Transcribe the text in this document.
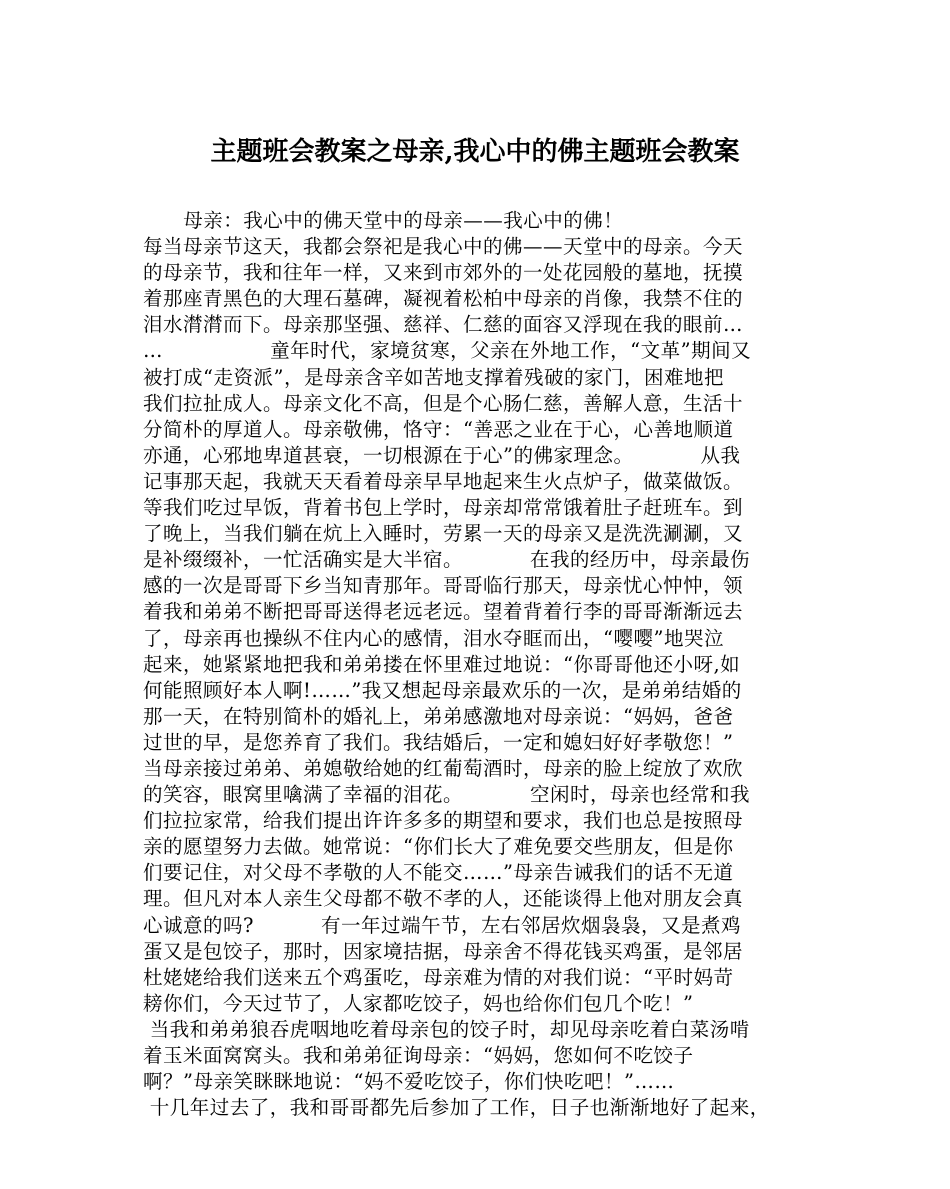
主题班会教案之母亲,我心中的佛主题班会教案
母亲：我心中的佛天堂中的母亲——我心中的佛！
每当母亲节这天，我都会祭祀是我心中的佛——天堂中的母亲。今天
的母亲节，我和往年一样，又来到市郊外的一处花园般的墓地，抚摸
着那座青黑色的大理石墓碑，凝视着松柏中母亲的肖像，我禁不住的
泪水潸潸而下。母亲那坚强、慈祥、仁慈的面容又浮现在我的眼前…
…                童年时代，家境贫寒，父亲在外地工作，“文革”期间又
被打成“走资派”，是母亲含辛如苦地支撑着残破的家门，困难地把
我们拉扯成人。母亲文化不高，但是个心肠仁慈，善解人意，生活十
分简朴的厚道人。母亲敬佛，恪守：“善恶之业在于心，心善地顺道
亦通，心邪地卑道甚衰，一切根源在于心”的佛家理念。          从我
记事那天起，我就天天看着母亲早早地起来生火点炉子，做菜做饭。
等我们吃过早饭，背着书包上学时，母亲却常常饿着肚子赶班车。到
了晚上，当我们躺在炕上入睡时，劳累一天的母亲又是洗洗涮涮，又
是补缀缀补，一忙活确实是大半宿。          在我的经历中，母亲最伤
感的一次是哥哥下乡当知青那年。哥哥临行那天，母亲忧心忡忡，领
着我和弟弟不断把哥哥送得老远老远。望着背着行李的哥哥渐渐远去
了，母亲再也操纵不住内心的感情，泪水夺眶而出，“嘤嘤”地哭泣
起来，她紧紧地把我和弟弟搂在怀里难过地说：“你哥哥他还小呀,如
何能照顾好本人啊!……”我又想起母亲最欢乐的一次，是弟弟结婚的
那一天，在特别简朴的婚礼上，弟弟感激地对母亲说：“妈妈，爸爸
过世的早，是您养育了我们。我结婚后，一定和媳妇好好孝敬您！”
当母亲接过弟弟、弟媳敬给她的红葡萄酒时，母亲的脸上绽放了欢欣
的笑容，眼窝里噙满了幸福的泪花。          空闲时，母亲也经常和我
们拉拉家常，给我们提出许许多多的期望和要求，我们也总是按照母
亲的愿望努力去做。她常说：“你们长大了难免要交些朋友，但是你
们要记住，对父母不孝敬的人不能交……”母亲告诫我们的话不无道
理。但凡对本人亲生父母都不敬不孝的人，还能谈得上他对朋友会真
心诚意的吗?          有一年过端午节，左右邻居炊烟袅袅，又是煮鸡
蛋又是包饺子，那时，因家境拮据，母亲舍不得花钱买鸡蛋，是邻居
杜姥姥给我们送来五个鸡蛋吃，母亲难为情的对我们说：“平时妈苛
耪你们，今天过节了，人家都吃饺子，妈也给你们包几个吃！”
当我和弟弟狼吞虎咽地吃着母亲包的饺子时，却见母亲吃着白菜汤啃
着玉米面窝窝头。我和弟弟征询母亲：“妈妈，您如何不吃饺子
啊？”母亲笑眯眯地说：“妈不爱吃饺子，你们快吃吧！”……
十几年过去了，我和哥哥都先后参加了工作，日子也渐渐地好了起来，
